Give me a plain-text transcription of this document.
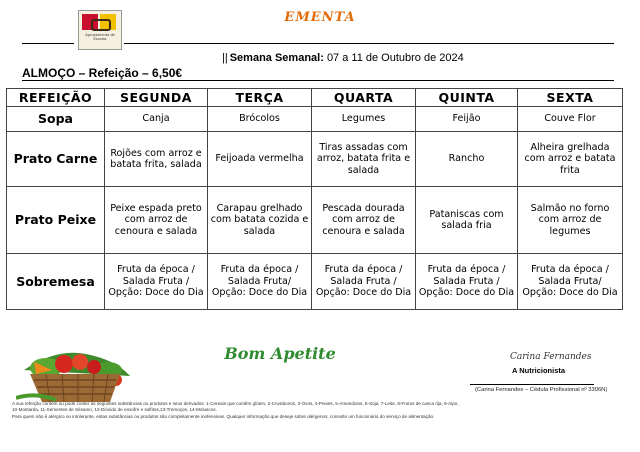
Agrupamento de Escolas
EMENTA
|| Semana Semanal: 07 a 11 de Outubro de 2024
ALMOÇO – Refeição – 6,50€
REFEIÇÃO	SEGUNDA	TERÇA	QUARTA	QUINTA	SEXTA
Sopa	Canja	Brócolos	Legumes	Feijão	Couve Flor
Prato Carne	Rojões com arroz e batata frita, salada	Feijoada vermelha	Tiras assadas com arroz, batata frita e salada	Rancho	Alheira grelhada com arroz e batata frita
Prato Peixe	Peixe espada preto com arroz de cenoura e salada	Carapau grelhado com batata cozida e salada	Pescada dourada com arroz de cenoura e salada	Pataniscas com salada fria	Salmão no forno com arroz de legumes
Sobremesa	Fruta da época / Salada Fruta / Opção: Doce do Dia	Fruta da época / Salada Fruta/ Opção: Doce do Dia	Fruta da época / Salada Fruta / Opção: Doce do Dia	Fruta da época / Salada Fruta / Opção: Doce do Dia	Fruta da época / Salada Fruta/ Opção: Doce do Dia
Bom Apetite	Carina Fernandes
A Nutricionista
(Carina Fernandes – Cédula Profissional nº 3306N)

A sua refeição contém ou pode conter as seguintes substâncias ou produtos e seus derivados: 1-Cereais que contêm glúten, 2-Crustáceos, 3-Ovos, 4-Peixes, 5-Amendoins, 6-Soja, 7-Leite, 8-Frutos de casca rija, 9-Aipo,

10-Mostarda, 11-Sementes de Sésamo, 12-Dióxido de enxofre e sulfitos,13-Tremoços, 14-Moluscos.

Para quem não é alérgico ou intolerante, estas substâncias ou produtos são completamente inofensivas. Qualquer informação que deseje sobre alérgenos, consulte um funcionário do serviço de alimentação.
